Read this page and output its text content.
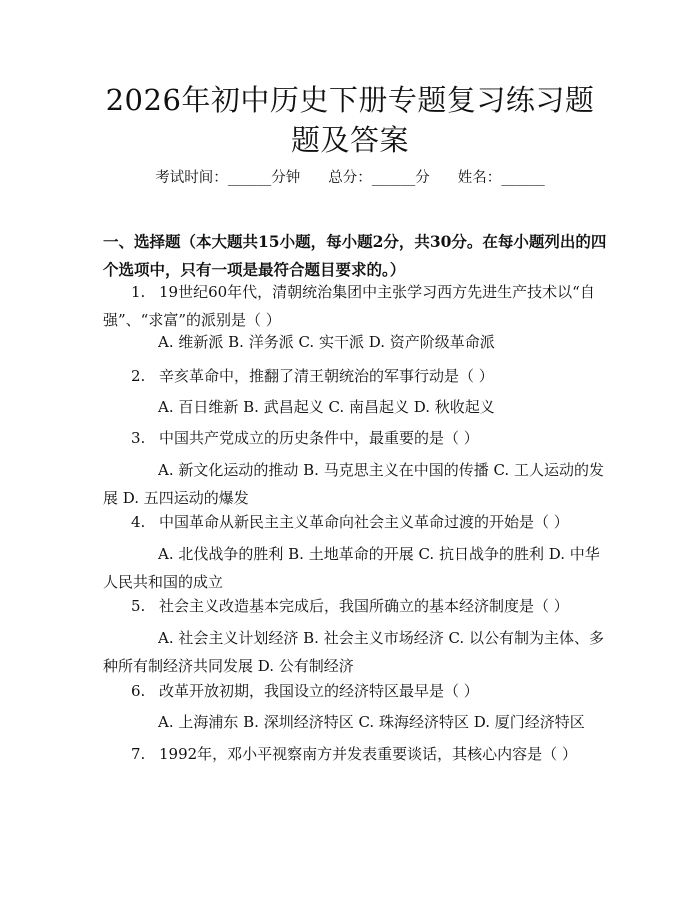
2026年初中历史下册专题复习练习题题及答案
考试时间：______分钟 总分：______分 姓名：______
一、选择题（本大题共15小题，每小题2分，共30分。在每小题列出的四个选项中，只有一项是最符合题目要求的。）
1. 19世纪60年代，清朝统治集团中主张学习西方先进生产技术以“自强”、“求富”的派别是（ ）
A. 维新派 B. 洋务派 C. 实干派 D. 资产阶级革命派
2. 辛亥革命中，推翻了清王朝统治的军事行动是（ ）
A. 百日维新 B. 武昌起义 C. 南昌起义 D. 秋收起义
3. 中国共产党成立的历史条件中，最重要的是（ ）
A. 新文化运动的推动 B. 马克思主义在中国的传播 C. 工人运动的发展 D. 五四运动的爆发
4. 中国革命从新民主主义革命向社会主义革命过渡的开始是（ ）
A. 北伐战争的胜利 B. 土地革命的开展 C. 抗日战争的胜利 D. 中华人民共和国的成立
5. 社会主义改造基本完成后，我国所确立的基本经济制度是（ ）
A. 社会主义计划经济 B. 社会主义市场经济 C. 以公有制为主体、多种所有制经济共同发展 D. 公有制经济
6. 改革开放初期，我国设立的经济特区最早是（ ）
A. 上海浦东 B. 深圳经济特区 C. 珠海经济特区 D. 厦门经济特区
7. 1992年，邓小平视察南方并发表重要谈话，其核心内容是（ ）
